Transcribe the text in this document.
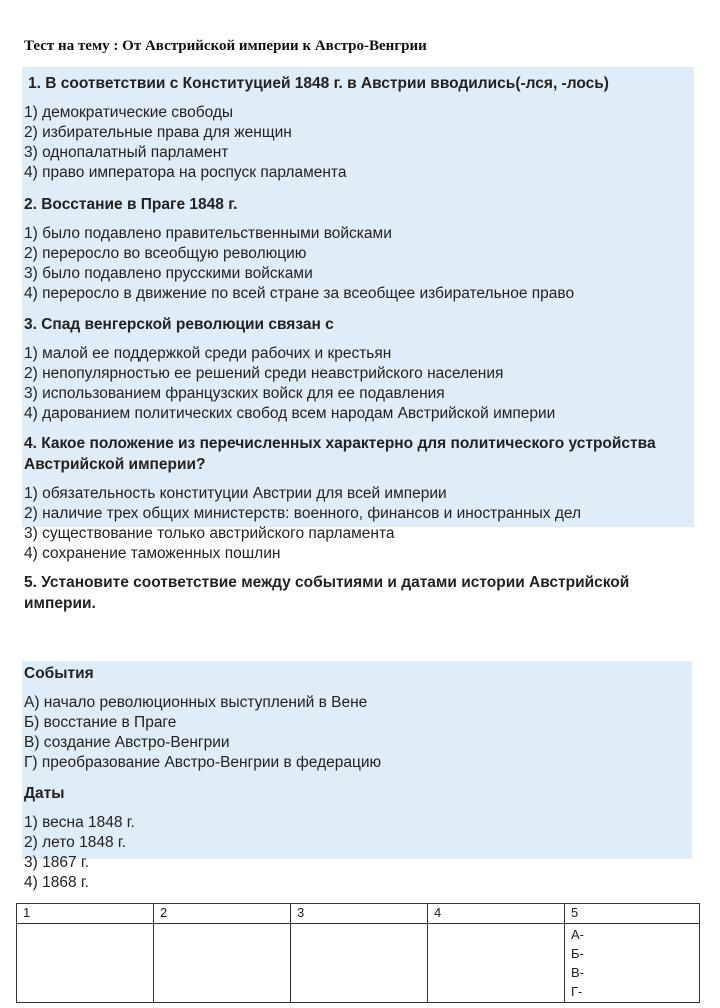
Тест на тему : От Австрийской империи к Австро-Венгрии
1. В соответствии с Конституцией 1848 г. в Австрии вводились(-лся, -лось)
1) демократические свободы
2) избирательные права для женщин
3) однопалатный парламент
4) право императора на роспуск парламента
2. Восстание в Праге 1848 г.
1) было подавлено правительственными войсками
2) переросло во всеобщую революцию
3) было подавлено прусскими войсками
4) переросло в движение по всей стране за всеобщее избирательное право
3. Спад венгерской революции связан с
1) малой ее поддержкой среди рабочих и крестьян
2) непопулярностью ее решений среди неавстрийского населения
3) использованием французских войск для ее подавления
4) дарованием политических свобод всем народам Австрийской империи
4. Какое положение из перечисленных характерно для политического устройства Австрийской империи?
1) обязательность конституции Австрии для всей империи
2) наличие трех общих министерств: военного, финансов и иностранных дел
3) существование только австрийского парламента
4) сохранение таможенных пошлин
5. Установите соответствие между событиями и датами истории Австрийской империи.
События
А) начало революционных выступлений в Вене
Б) восстание в Праге
В) создание Австро-Венгрии
Г) преобразование Австро-Венгрии в федерацию
Даты
1) весна 1848 г.
2) лето 1848 г.
3) 1867 г.
4) 1868 г.
1	2	3	4	5

				А-
Б-
В-
Г-
